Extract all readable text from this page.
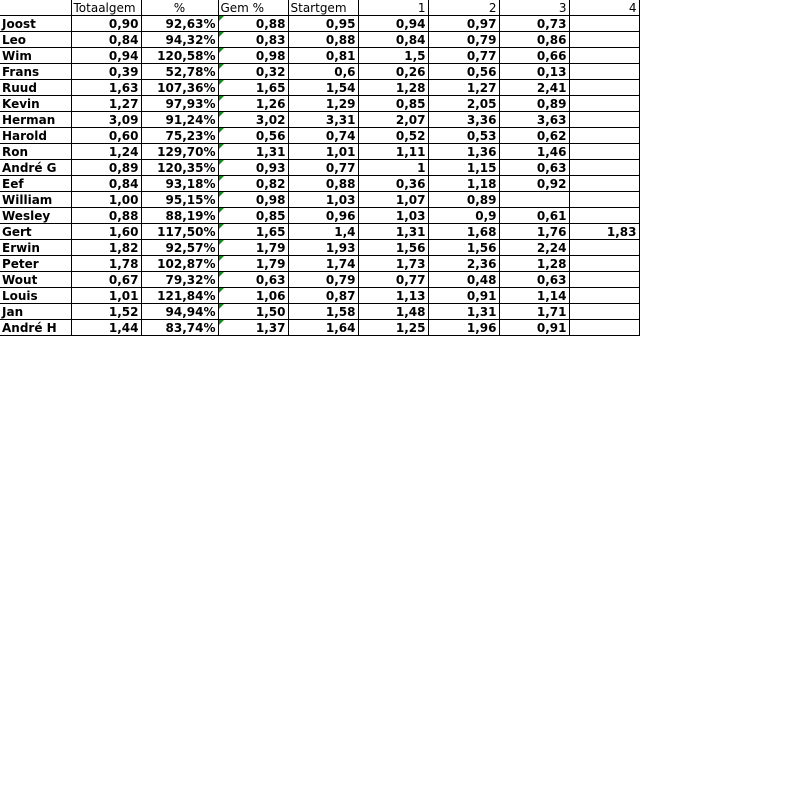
	Totaalgem	%	Gem %	Startgem	1	2	3	4
Joost	0,90	92,63%	0,88	0,95	0,94	0,97	0,73	
Leo	0,84	94,32%	0,83	0,88	0,84	0,79	0,86	
Wim	0,94	120,58%	0,98	0,81	1,5	0,77	0,66	
Frans	0,39	52,78%	0,32	0,6	0,26	0,56	0,13	
Ruud	1,63	107,36%	1,65	1,54	1,28	1,27	2,41	
Kevin	1,27	97,93%	1,26	1,29	0,85	2,05	0,89	
Herman	3,09	91,24%	3,02	3,31	2,07	3,36	3,63	
Harold	0,60	75,23%	0,56	0,74	0,52	0,53	0,62	
Ron	1,24	129,70%	1,31	1,01	1,11	1,36	1,46	
André G	0,89	120,35%	0,93	0,77	1	1,15	0,63	
Eef	0,84	93,18%	0,82	0,88	0,36	1,18	0,92	
William	1,00	95,15%	0,98	1,03	1,07	0,89		
Wesley	0,88	88,19%	0,85	0,96	1,03	0,9	0,61	
Gert	1,60	117,50%	1,65	1,4	1,31	1,68	1,76	1,83
Erwin	1,82	92,57%	1,79	1,93	1,56	1,56	2,24	
Peter	1,78	102,87%	1,79	1,74	1,73	2,36	1,28	
Wout	0,67	79,32%	0,63	0,79	0,77	0,48	0,63	
Louis	1,01	121,84%	1,06	0,87	1,13	0,91	1,14	
Jan	1,52	94,94%	1,50	1,58	1,48	1,31	1,71	
André H	1,44	83,74%	1,37	1,64	1,25	1,96	0,91	
